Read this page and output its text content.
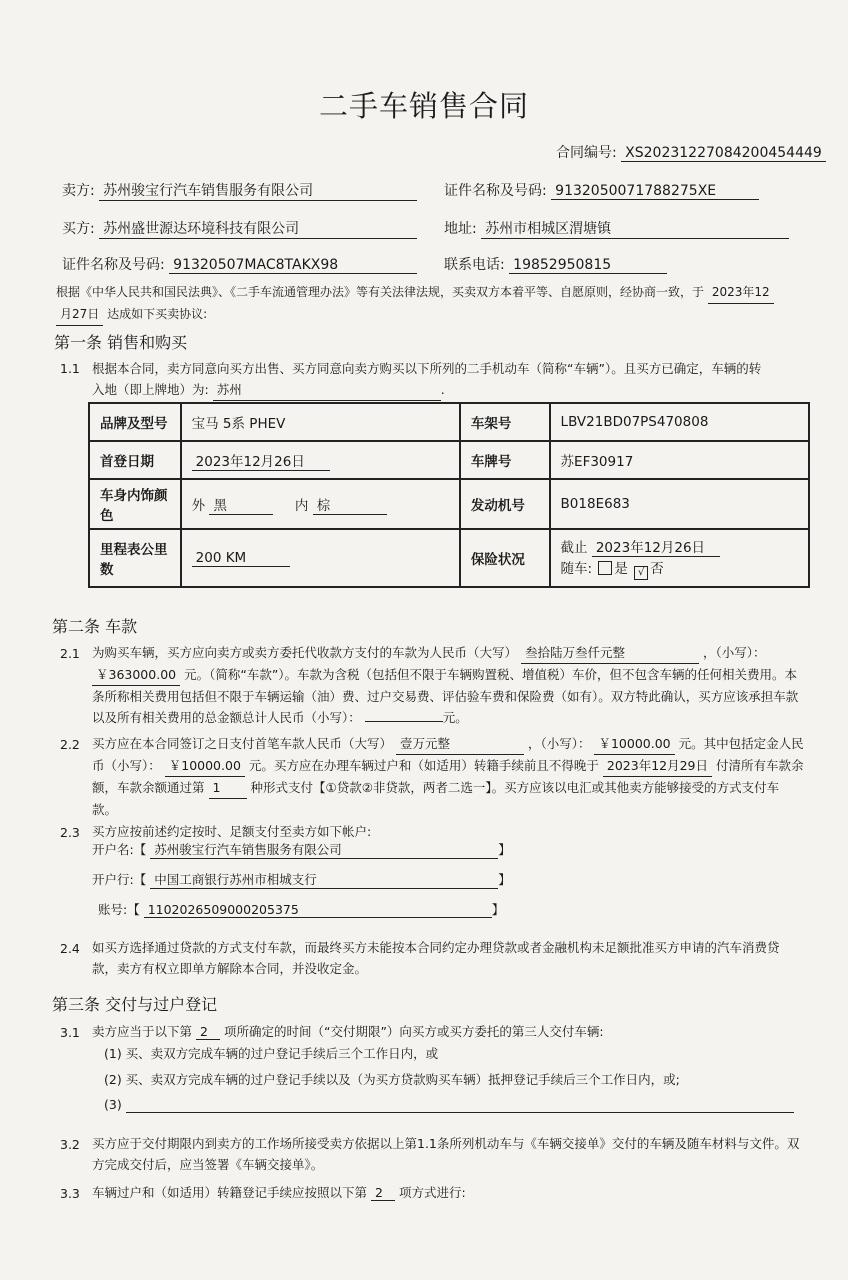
二手车销售合同
合同编号: XS20231227084200454449
卖方: 苏州骏宝行汽车销售服务有限公司	证件名称及号码: 9132050071788275XE
买方: 苏州盛世源达环境科技有限公司	地址: 苏州市相城区渭塘镇
证件名称及号码: 91320507MAC8TAKX98	联系电话: 19852950815
根据《中华人民共和国民法典》、《二手车流通管理办法》等有关法律法规，买卖双方本着平等、自愿原则，经协商一致，于 2023年12
月27日 达成如下买卖协议:
第一条 销售和购买
1.1 根据本合同，卖方同意向买方出售、买方同意向卖方购买以下所列的二手机动车（简称“车辆”）。且买方已确定，车辆的转入地（即上牌地）为: 苏州	.
品牌及型号	宝马 5系 PHEV	车架号	LBV21BD07PS470808
首登日期	2023年12月26日	车牌号	苏EF30917
车身内饰颜色	外 黑 内 棕	发动机号	B018E683
里程表公里数	200 KM	保险状况	截止 2023年12月26日
随车: 是 √ 否
第二条 车款
2.1 为购买车辆，买方应向卖方或卖方委托代收款方支付的车款为人民币（大写） 叁拾陆万叁仟元整	，（小写）： ￥363000.00 元。（简称“车款”）。车款为含税（包括但不限于车辆购置税、增值税）车价，但不包含车辆的任何相关费用。本条所称相关费用包括但不限于车辆运输（油）费、过户交易费、评估验车费和保险费（如有）。双方特此确认，买方应该承担车款以及所有相关费用的总金额总计人民币（小写）：	元。
2.2 买方应在本合同签订之日支付首笔车款人民币（大写） 壹万元整	，（小写）： ￥10000.00 元。其中包括定金人民币（小写）： ￥10000.00 元。买方应在办理车辆过户和（如适用）转籍手续前且不得晚于 2023年12月29日 付清所有车款余额，车款余额通过第 1 种形式支付【①贷款②非贷款，两者二选一】。买方应该以电汇或其他卖方能够接受的方式支付车款。
2.3 买方应按前述约定按时、足额支付至卖方如下帐户:
开户名:【 苏州骏宝行汽车销售服务有限公司	】
开户行:【 中国工商银行苏州市相城支行	】
账号:【 1102026509000205375	】
2.4 如买方选择通过贷款的方式支付车款，而最终买方未能按本合同约定办理贷款或者金融机构未足额批准买方申请的汽车消费贷款，卖方有权立即单方解除本合同，并没收定金。
第三条 交付与过户登记
3.1 卖方应当于以下第 2 项所确定的时间（“交付期限”）向买方或买方委托的第三人交付车辆:
(1) 买、卖双方完成车辆的过户登记手续后三个工作日内，或
(2) 买、卖双方完成车辆的过户登记手续以及（为买方贷款购买车辆）抵押登记手续后三个工作日内，或;
(3)
3.2 买方应于交付期限内到卖方的工作场所接受卖方依据以上第1.1条所列机动车与《车辆交接单》交付的车辆及随车材料与文件。双方完成交付后，应当签署《车辆交接单》。
3.3 车辆过户和（如适用）转籍登记手续应按照以下第 2 项方式进行:
